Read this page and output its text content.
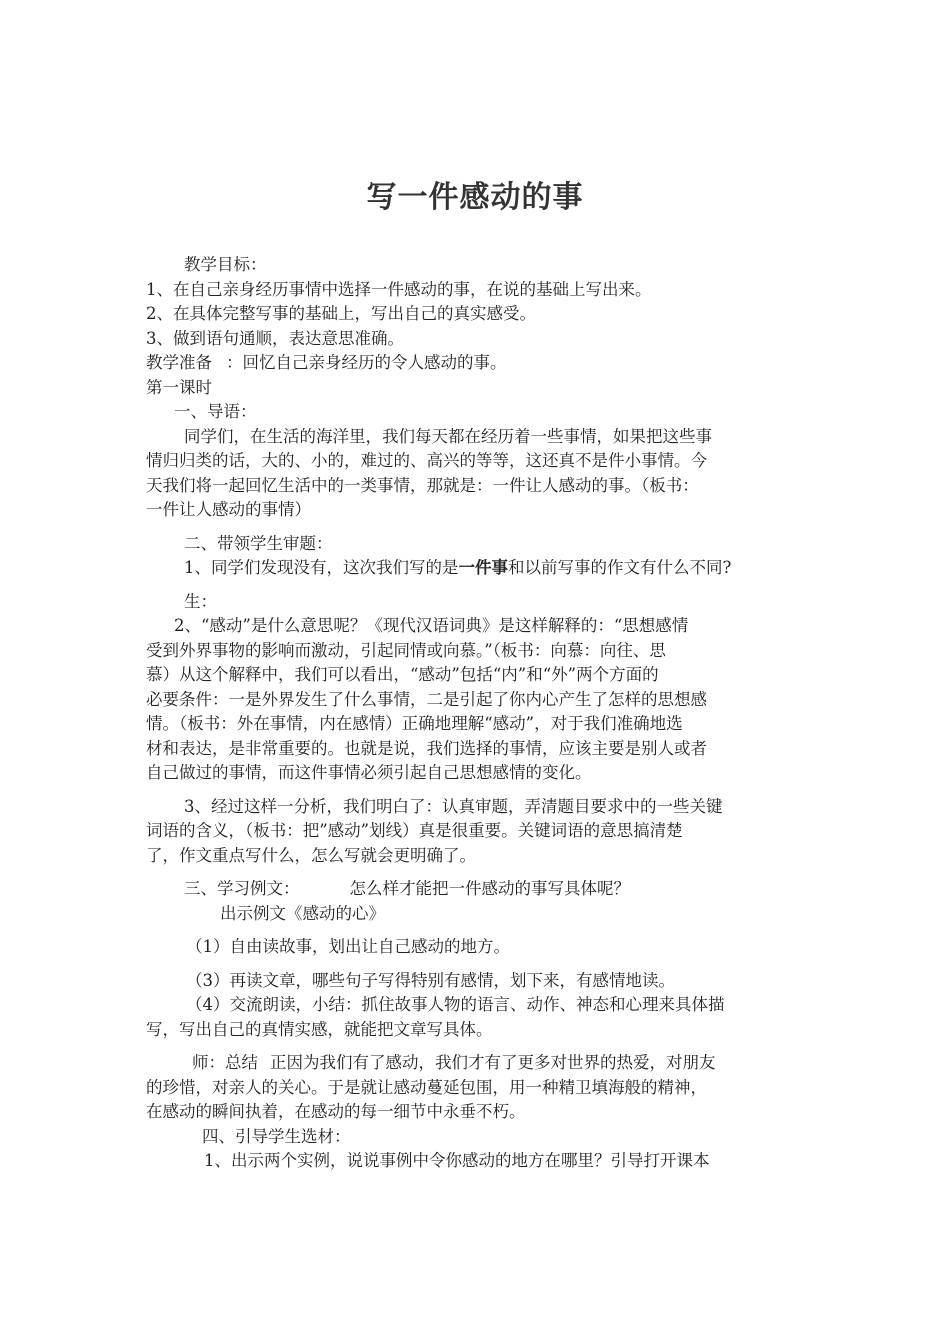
写一件感动的事
教学目标：
1、在自己亲身经历事情中选择一件感动的事，在说的基础上写出来。
2、在具体完整写事的基础上，写出自己的真实感受。
3、做到语句通顺，表达意思准确。
教学准备 ：回忆自己亲身经历的令人感动的事。
第一课时
一、导语：
同学们，在生活的海洋里，我们每天都在经历着一些事情，如果把这些事
情归归类的话，大的、小的，难过的、高兴的等等，这还真不是件小事情。今
天我们将一起回忆生活中的一类事情，那就是：一件让人感动的事。（板书：
一件让人感动的事情）
二、带领学生审题：
1、同学们发现没有，这次我们写的是一件事和以前写事的作文有什么不同?
生：
2、“感动”是什么意思呢？《现代汉语词典》是这样解释的：“思想感情
受到外界事物的影响而激动，引起同情或向慕。”（板书：向慕：向往、思
慕）从这个解释中，我们可以看出，“感动”包括“内”和“外”两个方面的
必要条件：一是外界发生了什么事情，二是引起了你内心产生了怎样的思想感
情。（板书：外在事情，内在感情）正确地理解“感动”，对于我们准确地选
材和表达，是非常重要的。也就是说，我们选择的事情，应该主要是别人或者
自己做过的事情，而这件事情必须引起自己思想感情的变化。
3、经过这样一分析，我们明白了：认真审题，弄清题目要求中的一些关键
词语的含义，（板书：把”感动”划线）真是很重要。关键词语的意思搞清楚
了，作文重点写什么，怎么写就会更明确了。
三、学习例文：	怎么样才能把一件感动的事写具体呢？
出示例文《感动的心》
（1）自由读故事，划出让自己感动的地方。
（3）再读文章，哪些句子写得特别有感情，划下来，有感情地读。
（4）交流朗读，小结：抓住故事人物的语言、动作、神态和心理来具体描
写，写出自己的真情实感，就能把文章写具体。
师：总结 正因为我们有了感动，我们才有了更多对世界的热爱，对朋友
的珍惜，对亲人的关心。于是就让感动蔓延包围，用一种精卫填海般的精神，
在感动的瞬间执着，在感动的每一细节中永垂不朽。
四、引导学生选材：
1、出示两个实例，说说事例中令你感动的地方在哪里？引导打开课本
